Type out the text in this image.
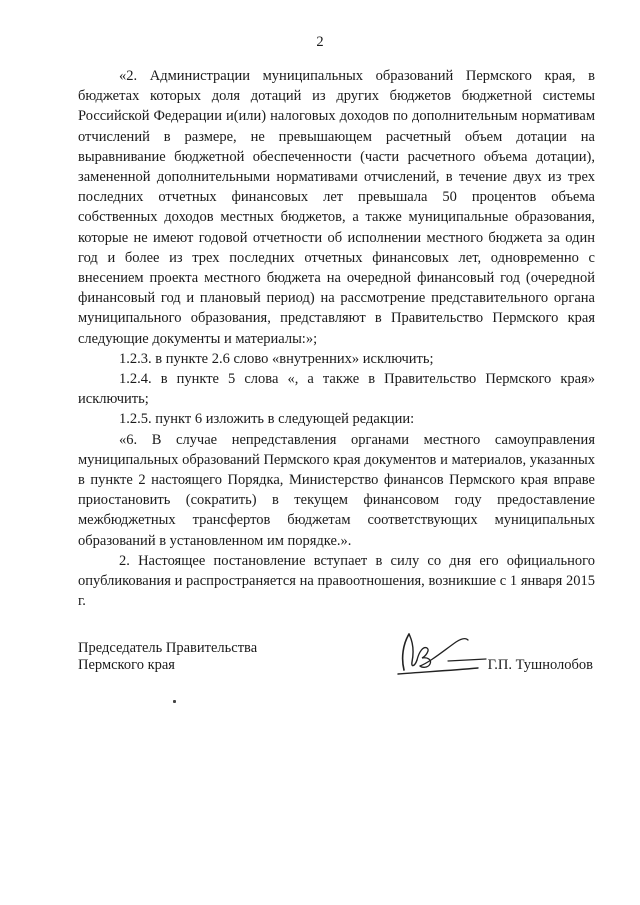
2

«2. Администрации муниципальных образований Пермского края, в бюджетах которых доля дотаций из других бюджетов бюджетной системы Российской Федерации и(или) налоговых доходов по дополнительным нормативам отчислений в размере, не превышающем расчетный объем дотации на выравнивание бюджетной обеспеченности (части расчетного объема дотации), замененной дополнительными нормативами отчислений, в течение двух из трех последних отчетных финансовых лет превышала 50 процентов объема собственных доходов местных бюджетов, а также муниципальные образования, которые не имеют годовой отчетности об исполнении местного бюджета за один год и более из трех последних отчетных финансовых лет, одновременно с внесением проекта местного бюджета на очередной финансовый год (очередной финансовый год и плановый период) на рассмотрение представительного органа муниципального образования, представляют в Правительство Пермского края следующие документы и материалы:»;

1.2.3. в пункте 2.6 слово «внутренних» исключить;

1.2.4. в пункте 5 слова «, а также в Правительство Пермского края» исключить;

1.2.5. пункт 6 изложить в следующей редакции:

«6. В случае непредставления органами местного самоуправления муниципальных образований Пермского края документов и материалов, указанных в пункте 2 настоящего Порядка, Министерство финансов Пермского края вправе приостановить (сократить) в текущем финансовом году предоставление межбюджетных трансфертов бюджетам соответствующих муниципальных образований в установленном им порядке.».

2. Настоящее постановление вступает в силу со дня его официального опубликования и распространяется на правоотношения, возникшие с 1 января 2015 г.

Председатель Правительства
Пермского края	Г.П. Тушнолобов
